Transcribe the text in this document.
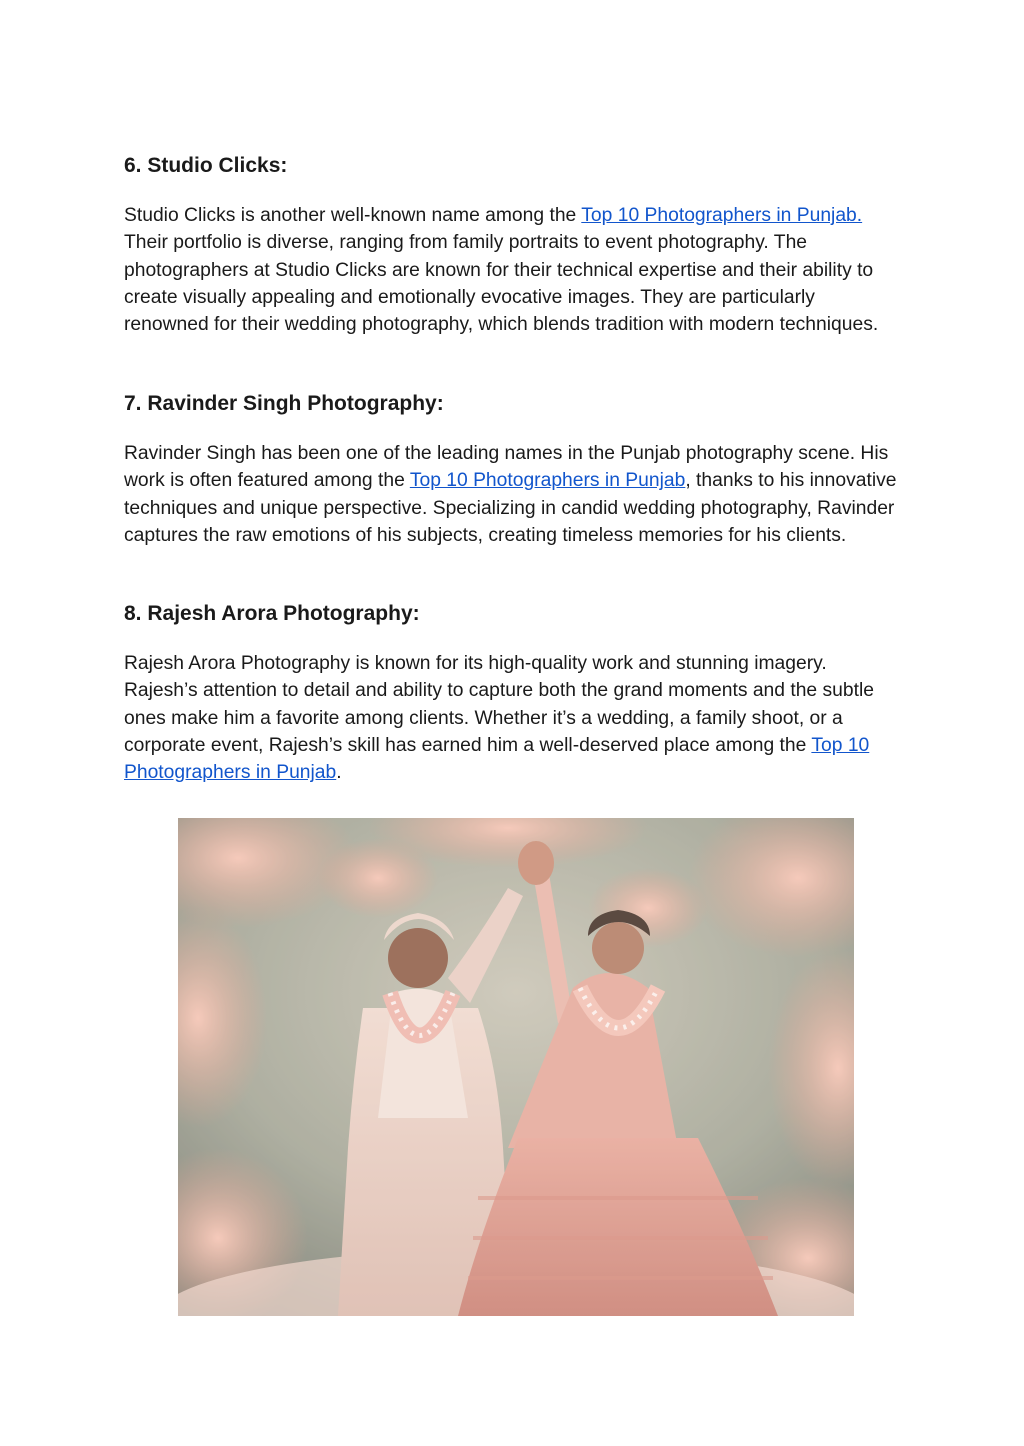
6. Studio Clicks:

Studio Clicks is another well-known name among the Top 10 Photographers in Punjab. Their portfolio is diverse, ranging from family portraits to event photography. The photographers at Studio Clicks are known for their technical expertise and their ability to create visually appealing and emotionally evocative images. They are particularly renowned for their wedding photography, which blends tradition with modern techniques.

7. Ravinder Singh Photography:

Ravinder Singh has been one of the leading names in the Punjab photography scene. His work is often featured among the Top 10 Photographers in Punjab, thanks to his innovative techniques and unique perspective. Specializing in candid wedding photography, Ravinder captures the raw emotions of his subjects, creating timeless memories for his clients.

8. Rajesh Arora Photography:

Rajesh Arora Photography is known for its high-quality work and stunning imagery. Rajesh’s attention to detail and ability to capture both the grand moments and the subtle ones make him a favorite among clients. Whether it’s a wedding, a family shoot, or a corporate event, Rajesh’s skill has earned him a well-deserved place among the Top 10 Photographers in Punjab.
